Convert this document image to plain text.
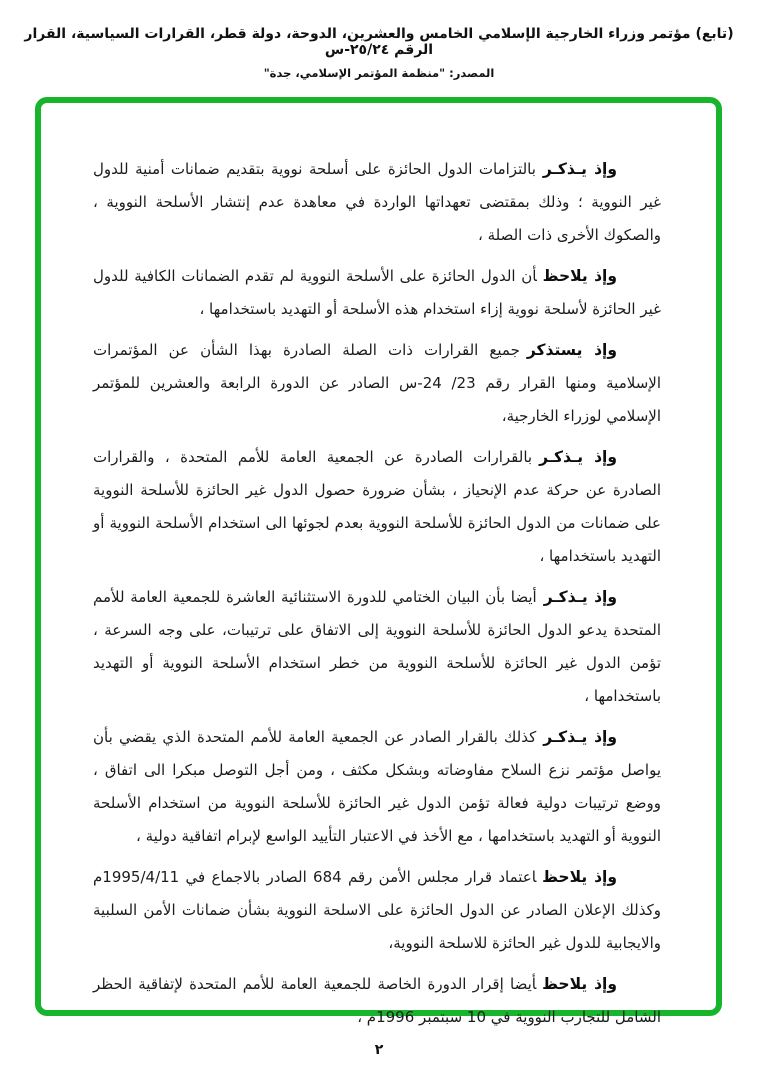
(تابع) مؤتمر وزراء الخارجية الإسلامي الخامس والعشرين، الدوحة، دولة قطر، القرارات السياسية، القرار الرقم ٢٥/٢٤-س
المصدر: "منظمة المؤتمر الإسلامي، جدة"

وإذ يـذكـربالتزامات الدول الحائزة على أسلحة نووية بتقديم ضمانات أمنية للدول غير النووية ؛ وذلك بمقتضى تعهداتها الواردة في معاهدة عدم إنتشار الأسلحة النووية ، والصكوك الأخرى ذات الصلة ،

وإذ يلاحظأن الدول الحائزة على الأسلحة النووية لم تقدم الضمانات الكافية للدول غير الحائزة لأسلحة نووية إزاء استخدام هذه الأسلحة أو التهديد باستخدامها ،

وإذ يستذكرجميع القرارات ذات الصلة الصادرة بهذا الشأن عن المؤتمرات الإسلامية ومنها القرار رقم 23/ 24-س الصادر عن الدورة الرابعة والعشرين للمؤتمر الإسلامي لوزراء الخارجية،

وإذ يـذكـربالقرارات الصادرة عن الجمعية العامة للأمم المتحدة ، والقرارات الصادرة عن حركة عدم الإنحياز ، بشأن ضرورة حصول الدول غير الحائزة للأسلحة النووية على ضمانات من الدول الحائزة للأسلحة النووية بعدم لجوئها الى استخدام الأسلحة النووية أو التهديد باستخدامها ،

وإذ يـذكـرأيضا بأن البيان الختامي للدورة الاستثنائية العاشرة للجمعية العامة للأمم المتحدة يدعو الدول الحائزة للأسلحة النووية إلى الاتفاق على ترتيبات، على وجه السرعة ، تؤمن الدول غير الحائزة للأسلحة النووية من خطر استخدام الأسلحة النووية أو التهديد باستخدامها ،

وإذ يـذكـركذلك بالقرار الصادر عن الجمعية العامة للأمم المتحدة الذي يقضي بأن يواصل مؤتمر نزع السلاح مفاوضاته وبشكل مكثف ، ومن أجل التوصل مبكرا الى اتفاق ، ووضع ترتيبات دولية فعالة تؤمن الدول غير الحائزة للأسلحة النووية من استخدام الأسلحة النووية أو التهديد باستخدامها ، مع الأخذ في الاعتبار التأييد الواسع لإبرام اتفاقية دولية ،

وإذ يلاحظاعتماد قرار مجلس الأمن رقم 684 الصادر بالاجماع في 1995/4/11م وكذلك الإعلان الصادر عن الدول الحائزة على الاسلحة النووية بشأن ضمانات الأمن السلبية والايجابية للدول غير الحائزة للاسلحة النووية،

وإذ يلاحظأيضا إقرار الدورة الخاصة للجمعية العامة للأمم المتحدة لإتفاقية الحظر الشامل للتجارب النووية في 10 سبتمبر 1996م ،

٢
